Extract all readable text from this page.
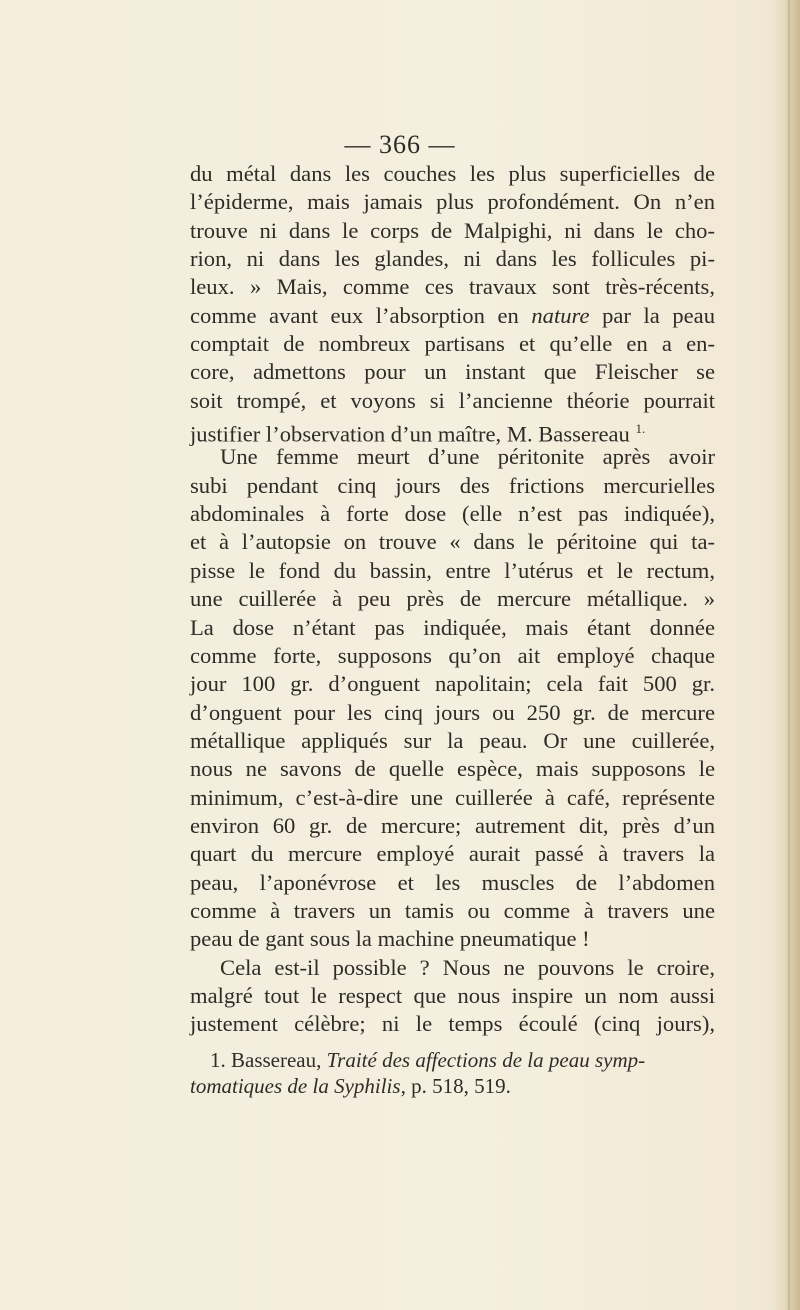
— 366 —
du métal dans les couches les plus superficielles de
l’épiderme, mais jamais plus profondément. On n’en
trouve ni dans le corps de Malpighi, ni dans le cho-
rion, ni dans les glandes, ni dans les follicules pi-
leux. » Mais, comme ces travaux sont très-récents,
comme avant eux l’absorption en nature par la peau
comptait de nombreux partisans et qu’elle en a en-
core, admettons pour un instant que Fleischer se
soit trompé, et voyons si l’ancienne théorie pourrait
justifier l’observation d’un maître, M. Bassereau $^{1.}$
Une femme meurt d’une péritonite après avoir
subi pendant cinq jours des frictions mercurielles
abdominales à forte dose (elle n’est pas indiquée),
et à l’autopsie on trouve « dans le péritoine qui ta-
pisse le fond du bassin, entre l’utérus et le rectum,
une cuillerée à peu près de mercure métallique. »
La dose n’étant pas indiquée, mais étant donnée
comme forte, supposons qu’on ait employé chaque
jour 100 gr. d’onguent napolitain; cela fait 500 gr.
d’onguent pour les cinq jours ou 250 gr. de mercure
métallique appliqués sur la peau. Or une cuillerée,
nous ne savons de quelle espèce, mais supposons le
minimum, c’est-à-dire une cuillerée à café, représente
environ 60 gr. de mercure; autrement dit, près d’un
quart du mercure employé aurait passé à travers la
peau, l’aponévrose et les muscles de l’abdomen
comme à travers un tamis ou comme à travers une
peau de gant sous la machine pneumatique !
Cela est-il possible ? Nous ne pouvons le croire,
malgré tout le respect que nous inspire un nom aussi
justement célèbre; ni le temps écoulé (cinq jours),
1. Bassereau, Traité des affections de la peau symp-
tomatiques de la Syphilis, p. 518, 519.
